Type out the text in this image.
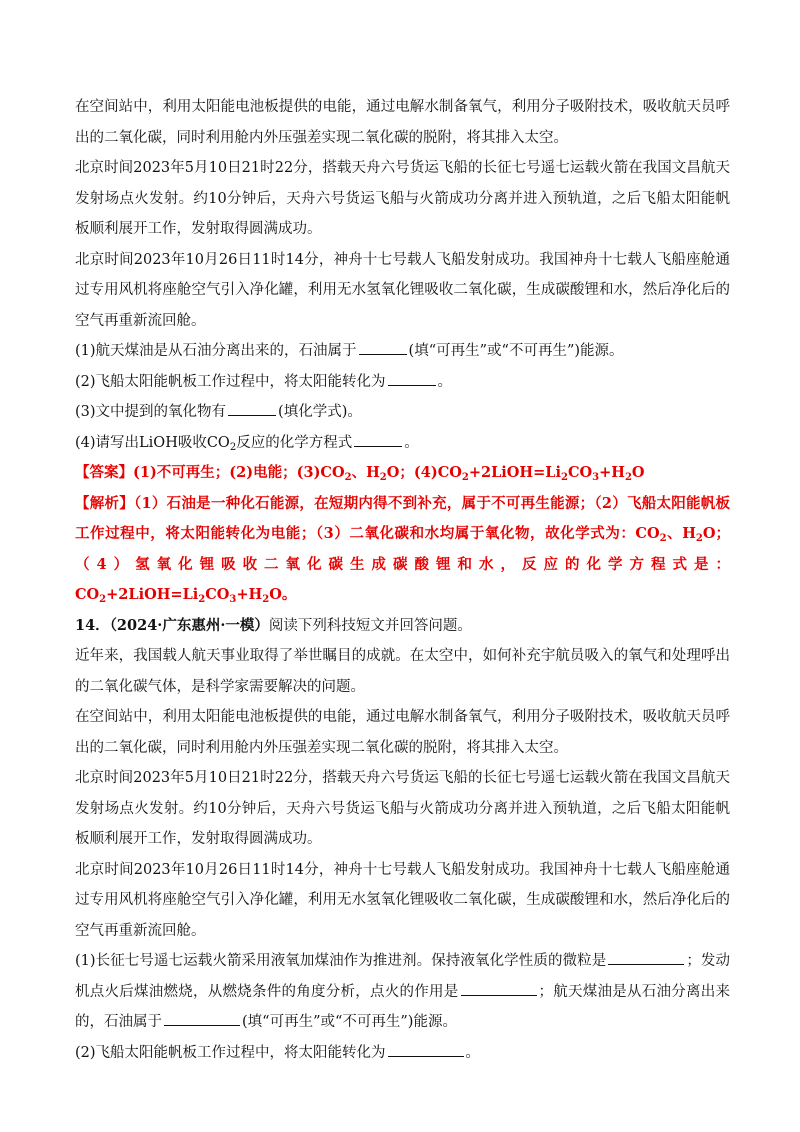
在空间站中，利用太阳能电池板提供的电能，通过电解水制备氧气，利用分子吸附技术，吸收航天员呼出的二氧化碳，同时利用舱内外压强差实现二氧化碳的脱附，将其排入太空。

北京时间2023年5月10日21时22分，搭载天舟六号货运飞船的长征七号遥七运载火箭在我国文昌航天发射场点火发射。约10分钟后，天舟六号货运飞船与火箭成功分离并进入预轨道，之后飞船太阳能帆板顺利展开工作，发射取得圆满成功。

北京时间2023年10月26日11时14分，神舟十七号载人飞船发射成功。我国神舟十七载人飞船座舱通过专用风机将座舱空气引入净化罐，利用无水氢氧化锂吸收二氧化碳，生成碳酸锂和水，然后净化后的空气再重新流回舱。

(1)航天煤油是从石油分离出来的，石油属于	(填“可再生”或“不可再生”)能源。

(2)飞船太阳能帆板工作过程中，将太阳能转化为	。

(3)文中提到的氧化物有	(填化学式)。

(4)请写出LiOH吸收$CO_2$反应的化学方程式	。

【答案】(1)不可再生；(2)电能；$(3)CO_2$、$H_2O$；$(4)CO_2+2LiOH=Li_2CO_3+H_2O$

【解析】（1）石油是一种化石能源，在短期内得不到补充，属于不可再生能源；（2）飞船太阳能帆板工作过程中，将太阳能转化为电能；（3）二氧化碳和水均属于氧化物，故化学式为：$CO_2$、$H_2O$；（4）氢氧化锂吸收二氧化碳生成碳酸锂和水，反应的化学方程式是：$CO_2+2LiOH=Li_2CO_3+H_2O$。

14．（2024·广东惠州·一模）阅读下列科技短文并回答问题。

近年来，我国载人航天事业取得了举世瞩目的成就。在太空中，如何补充宇航员吸入的氧气和处理呼出的二氧化碳气体，是科学家需要解决的问题。

在空间站中，利用太阳能电池板提供的电能，通过电解水制备氧气，利用分子吸附技术，吸收航天员呼出的二氧化碳，同时利用舱内外压强差实现二氧化碳的脱附，将其排入太空。

北京时间2023年5月10日21时22分，搭载天舟六号货运飞船的长征七号遥七运载火箭在我国文昌航天发射场点火发射。约10分钟后，天舟六号货运飞船与火箭成功分离并进入预轨道，之后飞船太阳能帆板顺利展开工作，发射取得圆满成功。

北京时间2023年10月26日11时14分，神舟十七号载人飞船发射成功。我国神舟十七载人飞船座舱通过专用风机将座舱空气引入净化罐，利用无水氢氧化锂吸收二氧化碳，生成碳酸锂和水，然后净化后的空气再重新流回舱。

(1)长征七号遥七运载火箭采用液氧加煤油作为推进剂。保持液氧化学性质的微粒是	；发动机点火后煤油燃烧，从燃烧条件的角度分析，点火的作用是	；航天煤油是从石油分离出来的，石油属于	(填“可再生”或“不可再生”)能源。

(2)飞船太阳能帆板工作过程中，将太阳能转化为	。
